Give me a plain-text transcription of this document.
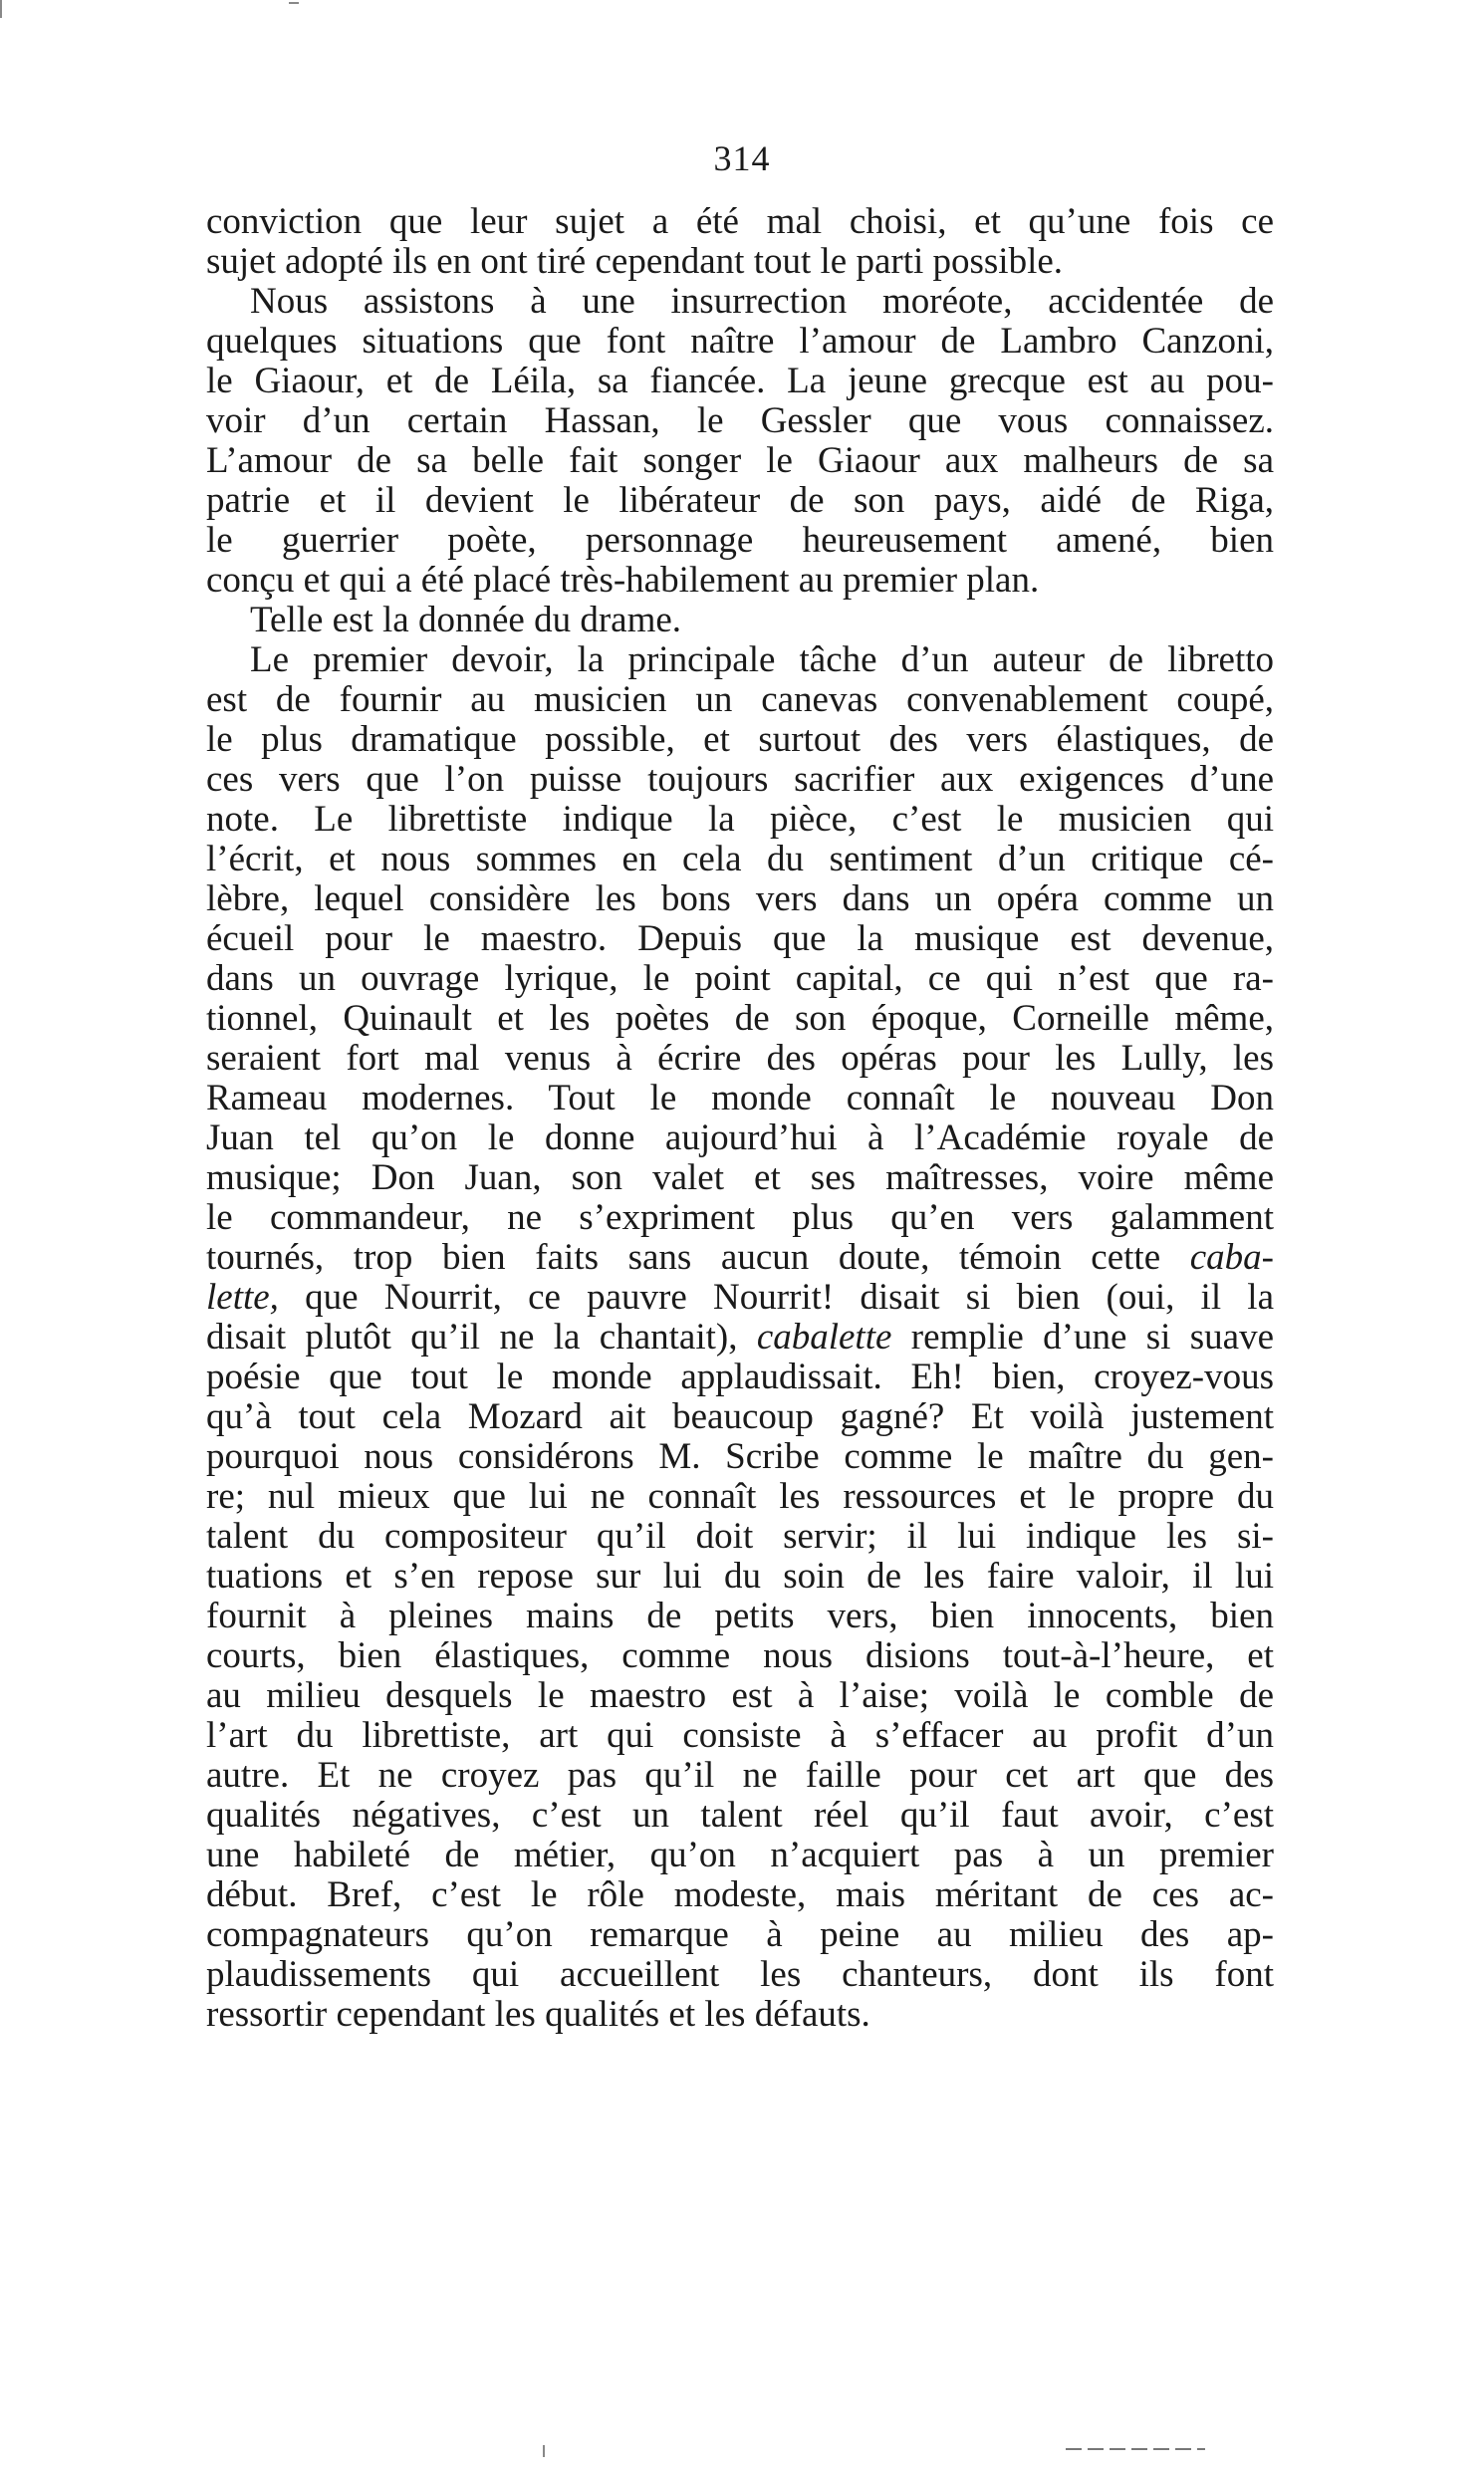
314
conviction que leur sujet a été mal choisi, et qu’une fois ce
sujet adopté ils en ont tiré cependant tout le parti possible.
Nous assistons à une insurrection moréote, accidentée de
quelques situations que font naître l’amour de Lambro Canzoni,
le Giaour, et de Léila, sa fiancée. La jeune grecque est au pou-
voir d’un certain Hassan, le Gessler que vous connaissez.
L’amour de sa belle fait songer le Giaour aux malheurs de sa
patrie et il devient le libérateur de son pays, aidé de Riga,
le guerrier poète, personnage heureusement amené, bien
conçu et qui a été placé très-habilement au premier plan.
Telle est la donnée du drame.
Le premier devoir, la principale tâche d’un auteur de libretto
est de fournir au musicien un canevas convenablement coupé,
le plus dramatique possible, et surtout des vers élastiques, de
ces vers que l’on puisse toujours sacrifier aux exigences d’une
note. Le librettiste indique la pièce, c’est le musicien qui
l’écrit, et nous sommes en cela du sentiment d’un critique cé-
lèbre, lequel considère les bons vers dans un opéra comme un
écueil pour le maestro. Depuis que la musique est devenue,
dans un ouvrage lyrique, le point capital, ce qui n’est que ra-
tionnel, Quinault et les poètes de son époque, Corneille même,
seraient fort mal venus à écrire des opéras pour les Lully, les
Rameau modernes. Tout le monde connaît le nouveau Don
Juan tel qu’on le donne aujourd’hui à l’Académie royale de
musique; Don Juan, son valet et ses maîtresses, voire même
le commandeur, ne s’expriment plus qu’en vers galamment
tournés, trop bien faits sans aucun doute, témoin cette caba-
lette, que Nourrit, ce pauvre Nourrit! disait si bien (oui, il la
disait plutôt qu’il ne la chantait), cabalette remplie d’une si suave
poésie que tout le monde applaudissait. Eh! bien, croyez-vous
qu’à tout cela Mozard ait beaucoup gagné? Et voilà justement
pourquoi nous considérons M. Scribe comme le maître du gen-
re; nul mieux que lui ne connaît les ressources et le propre du
talent du compositeur qu’il doit servir; il lui indique les si-
tuations et s’en repose sur lui du soin de les faire valoir, il lui
fournit à pleines mains de petits vers, bien innocents, bien
courts, bien élastiques, comme nous disions tout-à-l’heure, et
au milieu desquels le maestro est à l’aise; voilà le comble de
l’art du librettiste, art qui consiste à s’effacer au profit d’un
autre. Et ne croyez pas qu’il ne faille pour cet art que des
qualités négatives, c’est un talent réel qu’il faut avoir, c’est
une habileté de métier, qu’on n’acquiert pas à un premier
début. Bref, c’est le rôle modeste, mais méritant de ces ac-
compagnateurs qu’on remarque à peine au milieu des ap-
plaudissements qui accueillent les chanteurs, dont ils font
ressortir cependant les qualités et les défauts.
